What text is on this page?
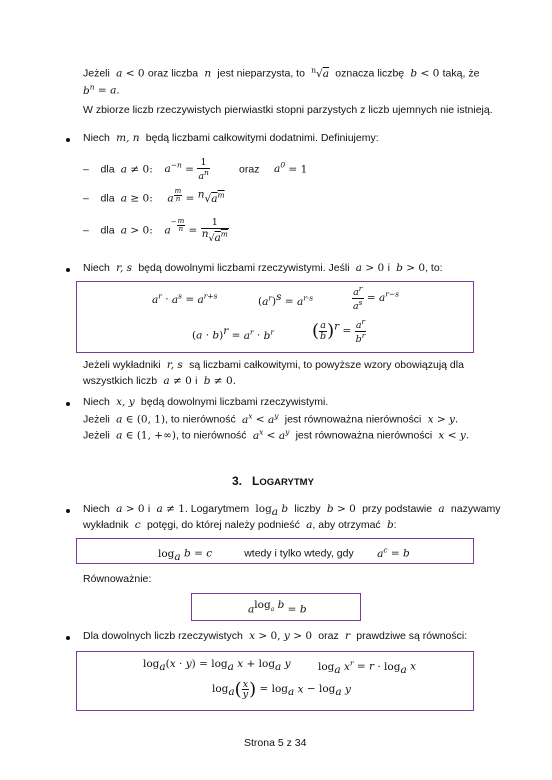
Jeżeli  a < 0 oraz liczba  n  jest nieparzysta, to $^n$√a oznacza liczbę  b < 0 taką, że
$b^n = a$.
W zbiorze liczb rzeczywistych pierwiastki stopni parzystych z liczb ujemnych nie istnieją.
Niech  m, n  będą liczbami całkowitymi dodatnimi. Definiujemy:
– dla  a ≠ 0: $a^{-n} = \frac{1}{a^n}$	oraz $a^0 = 1$
– dla  a ≥ 0: a $\frac{m}{n} = ^n√a^m$
– dla  a > 0: $a^- \frac{m}{n} = \frac{1}{^n√a^m}$
Niech  r, s  będą dowolnymi liczbami rzeczywistymi. Jeśli  a > 0 i  b > 0, to:
$a^r \cdot a^s = a^{r+s}$	$(a^r)^s = a^{r\cdot s}$	$\frac{a^r}{a^s} = a^{r-s}$
$(a \cdot b)^r = a^r \cdot b^r$ ( $\frac{a}{b} )^r = \frac{a^r}{b^r}$
Jeżeli wykładniki  r, s  są liczbami całkowitymi, to powyższe wzory obowiązują dla
wszystkich liczb  a ≠ 0 i  b ≠ 0.
Niech  x, y  będą dowolnymi liczbami rzeczywistymi.
Jeżeli  a ∈ (0, 1), to nierówność  $a^x < a^y$ jest równoważna nierówności  x > y.
Jeżeli  a ∈ (1, +∞), to nierówność  $a^x < a^y$ jest równoważna nierówności  x < y.
3. LOGARYTMY
Niech  a > 0 i  a ≠ 1. Logarytmem  $\log_a b$  liczby  b > 0  przy podstawie  a  nazywamy
wykładnik  c  potęgi, do której należy podnieść  a, aby otrzymać  b:
$\log_a b = c$	wtedy i tylko wtedy, gdy $a^c = b$
Równoważnie:
$a^{log_a b} = b$
Dla dowolnych liczb rzeczywistych  x > 0, y > 0  oraz  r  prawdziwe są równości:
$\log_a(x \cdot y) = \log_a x + \log_a y$	$\log_a x^r = r \cdot \log_a x$
$\log_a( \frac{x}{y}$ ) = $\log_a x - \log_a y$
Strona 5 z 34
